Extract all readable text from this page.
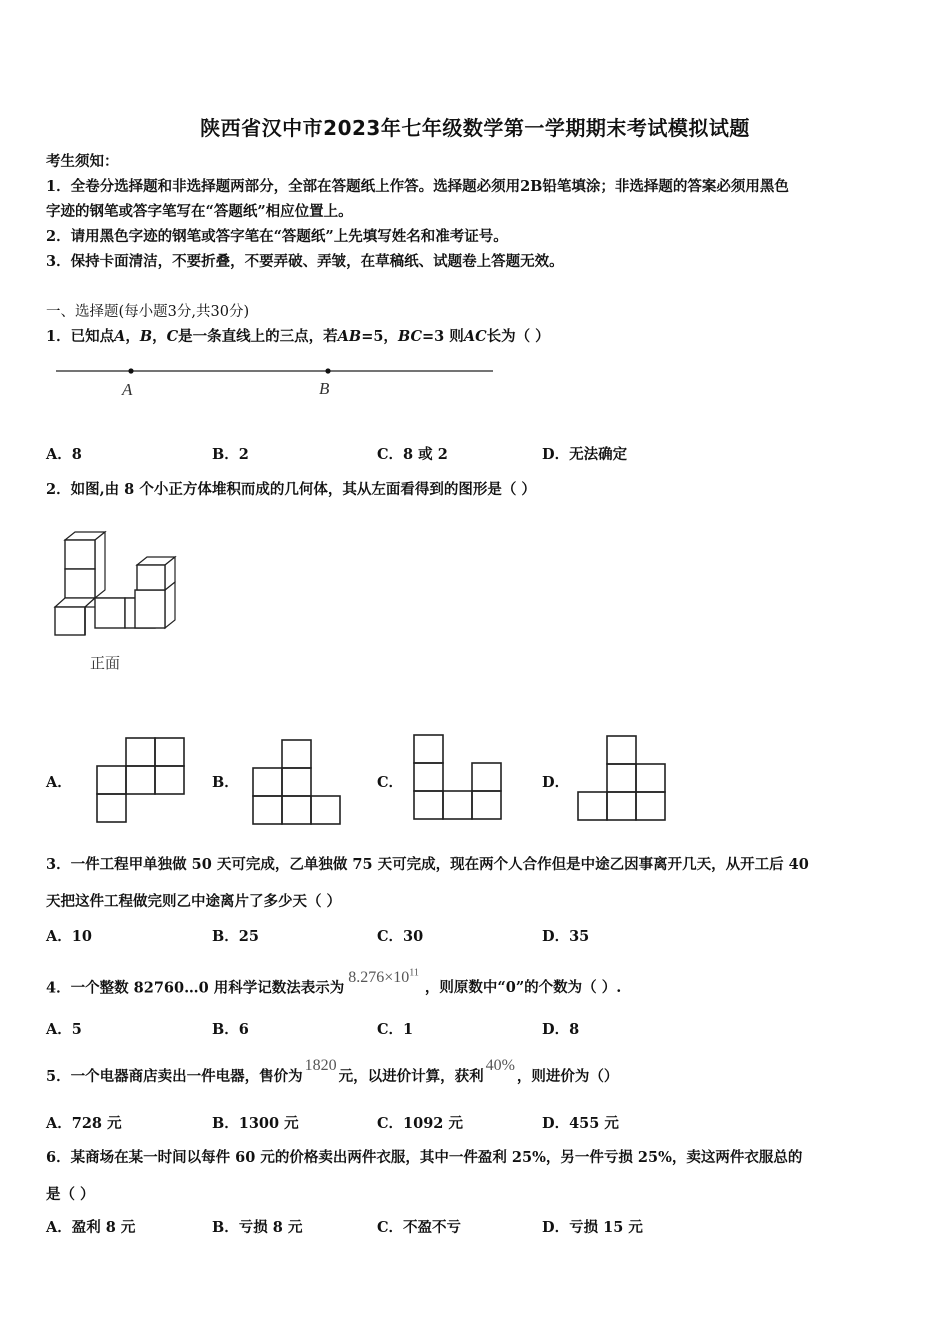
陕西省汉中市2023年七年级数学第一学期期末考试模拟试题
考生须知：
1．全卷分选择题和非选择题两部分，全部在答题纸上作答。选择题必须用2B铅笔填涂；非选择题的答案必须用黑色
字迹的钢笔或答字笔写在“答题纸”相应位置上。
2．请用黑色字迹的钢笔或答字笔在“答题纸”上先填写姓名和准考证号。
3．保持卡面清洁，不要折叠，不要弄破、弄皱，在草稿纸、试题卷上答题无效。
一、选择题(每小题3分,共30分)
1．已知点A，B，C是一条直线上的三点，若AB=5，BC=3 则AC长为（ ）
A	B
A．8	B．2	C．8 或 2	D．无法确定
2．如图,由 8 个小正方体堆积而成的几何体，其从左面看得到的图形是（ ）
正面
A．	B．	C．	D．
3．一件工程甲单独做 50 天可完成，乙单独做 75 天可完成，现在两个人合作但是中途乙因事离开几天，从开工后 40
天把这件工程做完则乙中途离片了多少天（ ）
A．10	B．25	C．30	D．35
4．一个整数 82760…0 用科学记数法表示为$8.276\times 10^{11}$，则原数中“0”的个数为（ ）.
A．5	B．6	C．1	D．8
5．一个电器商店卖出一件电器，售价为1820元，以进价计算，获利40%，则进价为（）
A．728 元	B．1300 元	C．1092 元	D．455 元
6．某商场在某一时间以每件 60 元的价格卖出两件衣服，其中一件盈利 25%，另一件亏损 25%，卖这两件衣服总的
是（ ）
A．盈利 8 元	B．亏损 8 元	C．不盈不亏	D．亏损 15 元
